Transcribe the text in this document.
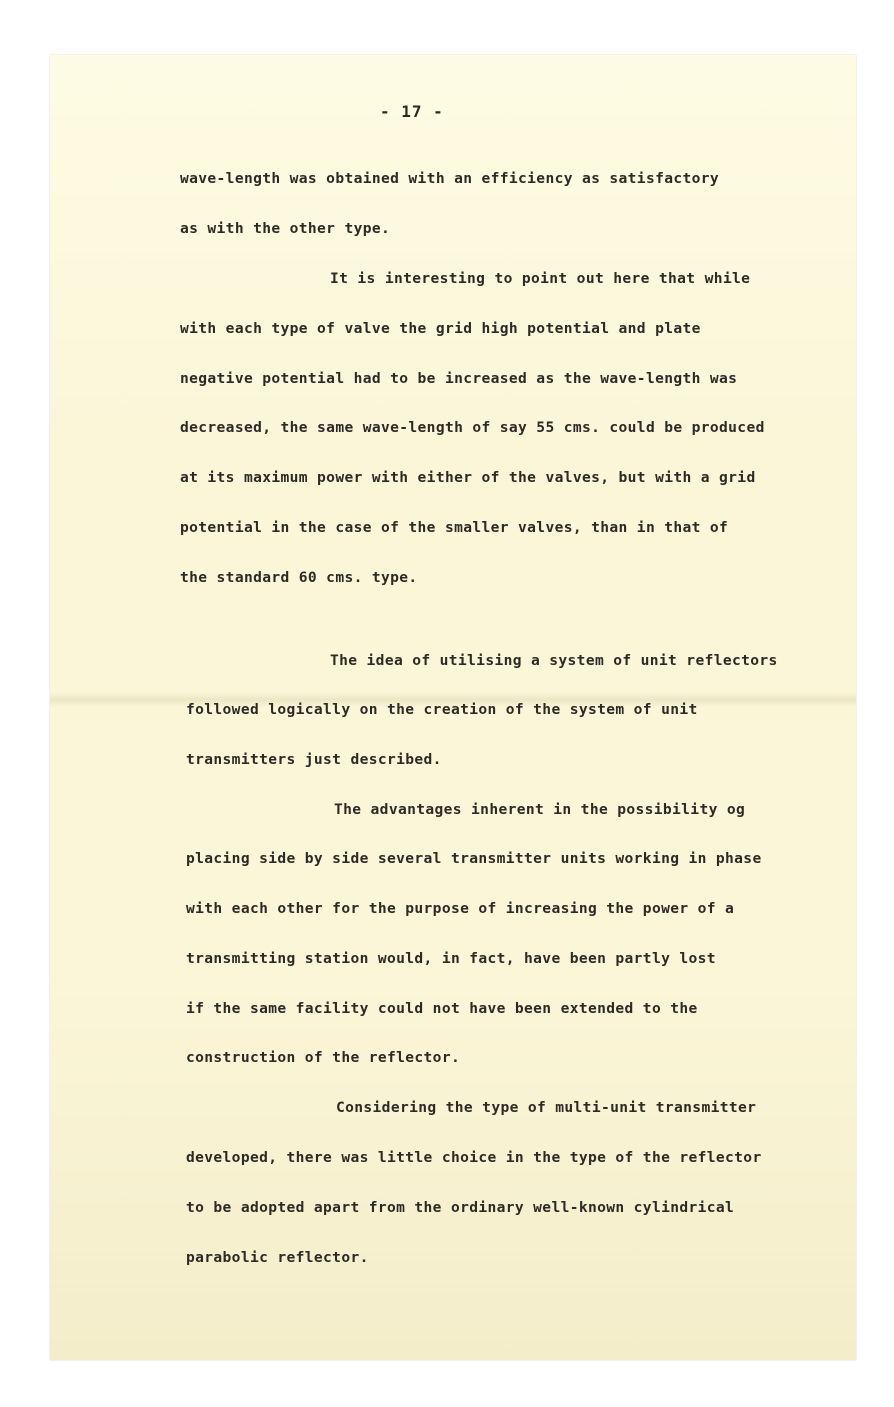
- 17 -

wave-length was obtained with an efficiency as satisfactory

as with the other type.

It is interesting to point out here that while

with each type of valve the grid high potential and plate

negative potential had to be increased as the wave-length was

decreased, the same wave-length of say 55 cms. could be produced

at its maximum power with either of the valves, but with a grid

potential in the case of the smaller valves, than in that of

the standard 60 cms. type.

The idea of utilising a system of unit reflectors

followed logically on the creation of the system of unit

transmitters just described.

The advantages inherent in the possibility og

placing side by side several transmitter units working in phase

with each other for the purpose of increasing the power of a

transmitting station would, in fact, have been partly lost

if the same facility could not have been extended to the

construction of the reflector.

Considering the type of multi-unit transmitter

developed, there was little choice in the type of the reflector

to be adopted apart from the ordinary well-known cylindrical

parabolic reflector.
